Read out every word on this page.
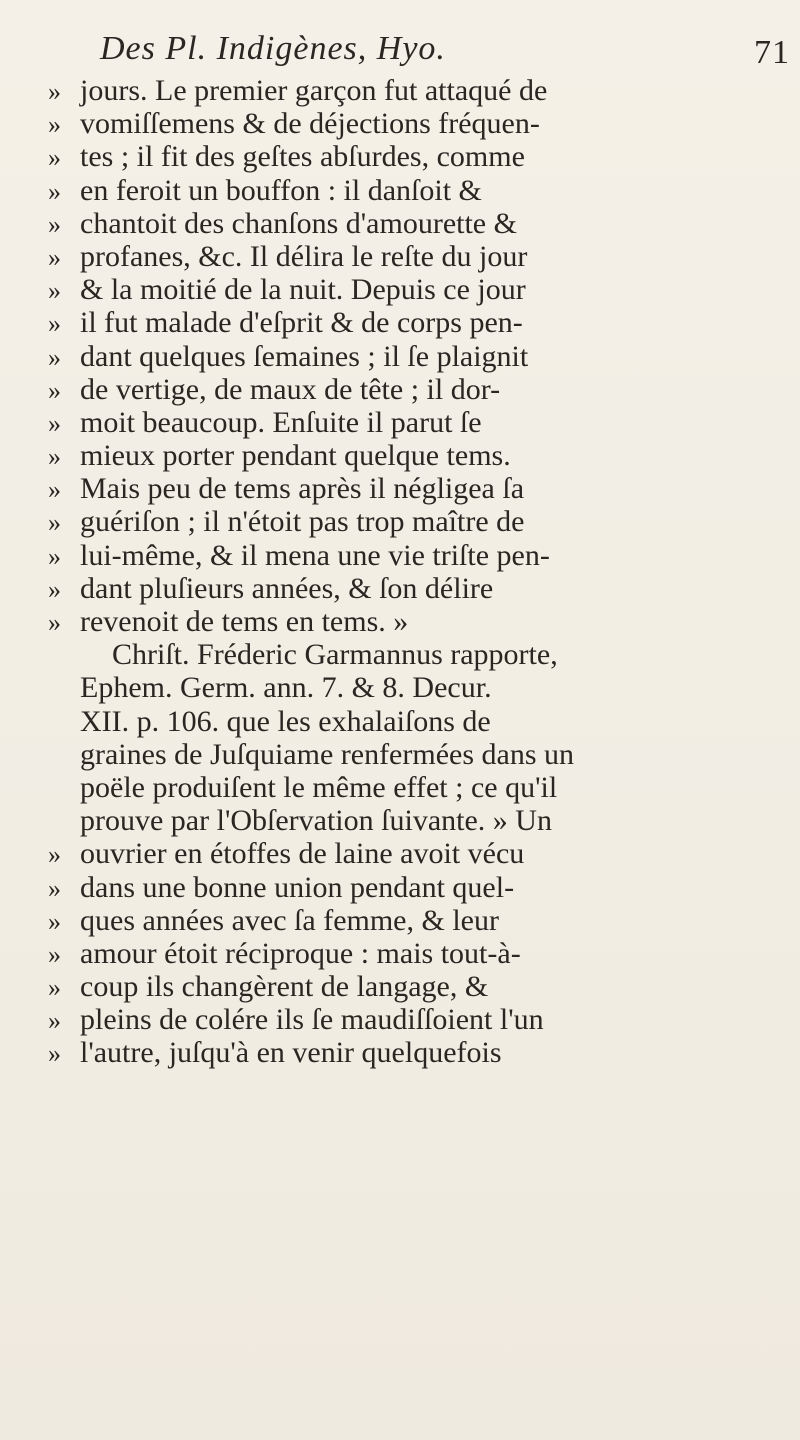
Des Pl. Indigènes, Hyo.	71
» jours. Le premier garçon fut attaqué de
» vomiſſemens & de déjections fréquen-
» tes ; il fit des geſtes abſurdes, comme
» en feroit un bouffon : il danſoit &
» chantoit des chanſons d'amourette &
» profanes, &c. Il délira le reſte du jour
» & la moitié de la nuit. Depuis ce jour
» il fut malade d'eſprit & de corps pen-
» dant quelques ſemaines ; il ſe plaignit
» de vertige, de maux de tête ; il dor-
» moit beaucoup. Enſuite il parut ſe
» mieux porter pendant quelque tems.
» Mais peu de tems après il négligea ſa
» guériſon ; il n'étoit pas trop maître de
» lui-même, & il mena une vie triſte pen-
» dant pluſieurs années, & ſon délire
» revenoit de tems en tems. »
Chriſt. Fréderic Garmannus rapporte,
Ephem. Germ. ann. 7. & 8. Decur.
XII. p. 106. que les exhalaiſons de
graines de Juſquiame renfermées dans un
poële produiſent le même effet ; ce qu'il
prouve par l'Obſervation ſuivante. » Un
» ouvrier en étoffes de laine avoit vécu
» dans une bonne union pendant quel-
» ques années avec ſa femme, & leur
» amour étoit réciproque : mais tout-à-
» coup ils changèrent de langage, &
» pleins de colére ils ſe maudiſſoient l'un
» l'autre, juſqu'à en venir quelquefois
